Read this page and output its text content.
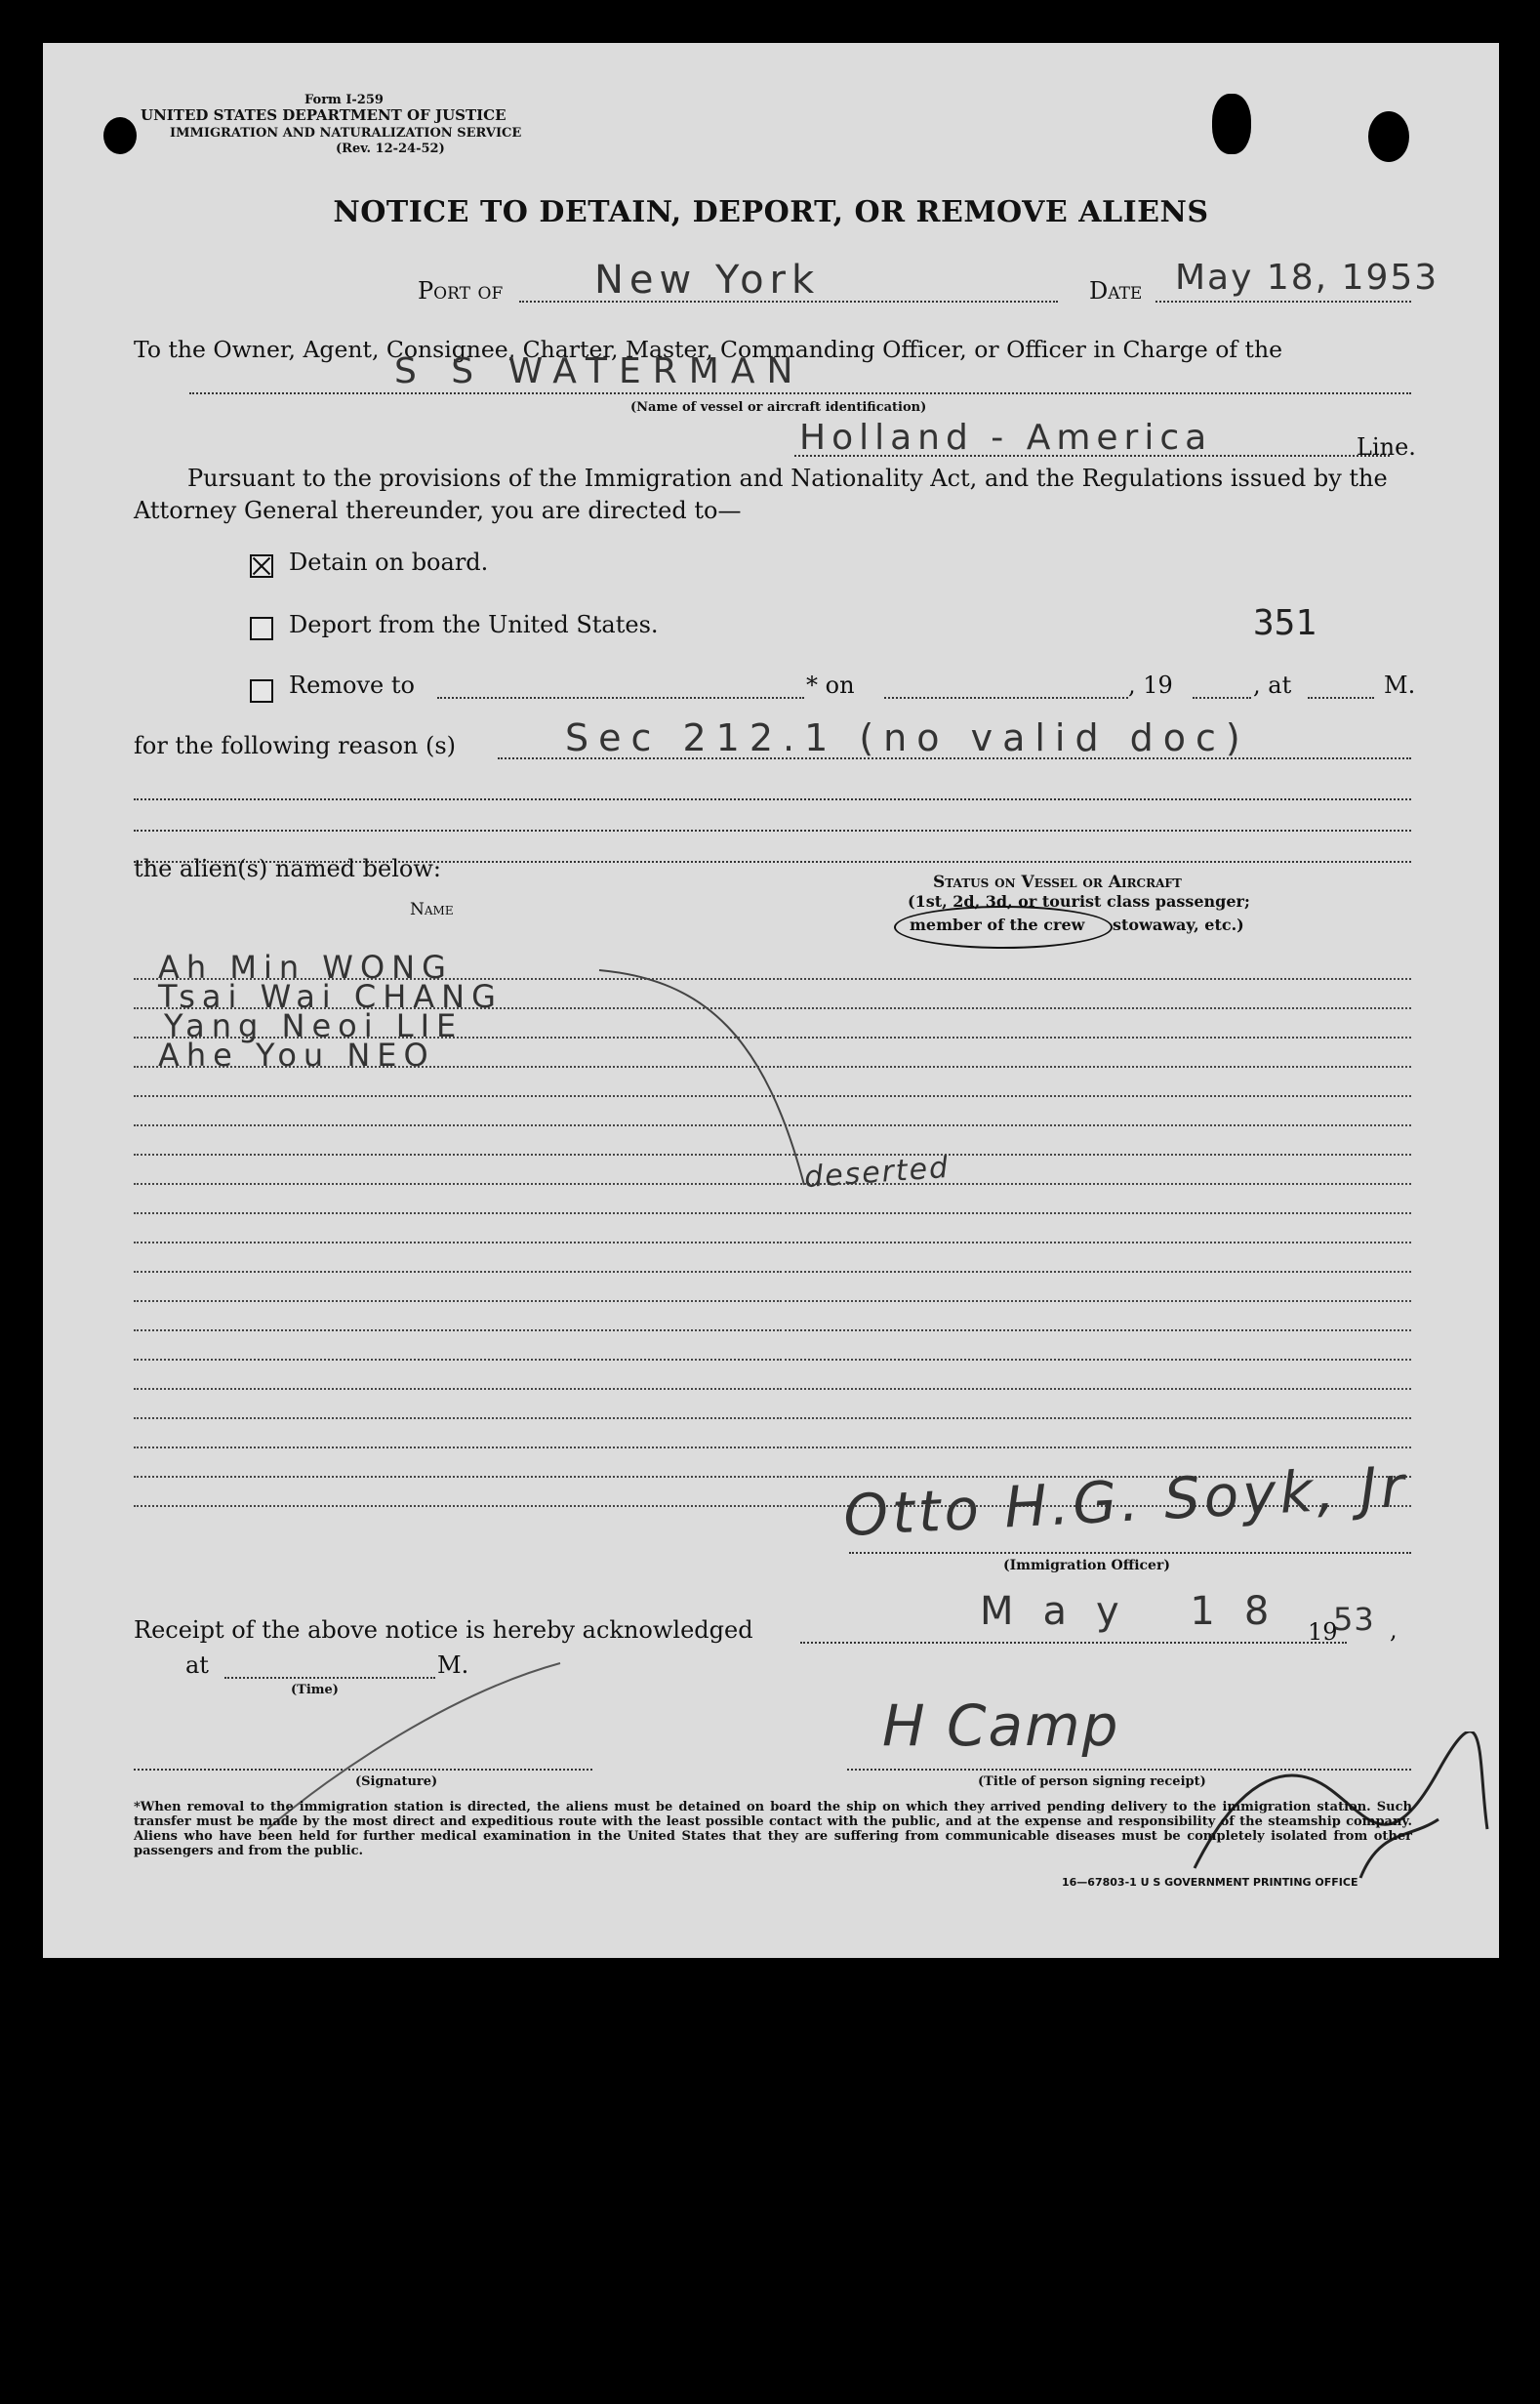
Form I-259
UNITED STATES DEPARTMENT OF JUSTICE
IMMIGRATION AND NATURALIZATION SERVICE
(Rev. 12-24-52)
NOTICE TO DETAIN, DEPORT, OR REMOVE ALIENS
Port of New York	Date May 18, 1953
To the Owner, Agent, Consignee, Charter, Master, Commanding Officer, or Officer in Charge of the
S S WATERMAN
(Name of vessel or aircraft identification)
Holland - America	Line.
Pursuant to the provisions of the Immigration and Nationality Act, and the Regulations issued by the Attorney General thereunder, you are directed to—
Detain on board.
Deport from the United States.	351
Remove to	* on	, 19	, at	M.
for the following reason (s)	Sec 212.1 (no valid doc)
the alien(s) named below:
Name
Status on Vessel or Aircraft
(1st, 2d, 3d, or tourist class passenger;
member of the crew stowaway, etc.)
Ah Min WONG
Tsai Wai CHANG
Yang Neoi LIE
Ahe You NEO
deserted
Otto H.G. Soyk, Jr
(Immigration Officer)
Receipt of the above notice is hereby acknowledged	May 18 19
53 ,
at	M.
(Time)
(Signature)
H Camp
(Title of person signing receipt)
*When removal to the immigration station is directed, the aliens must be detained on board the ship on which they arrived pending delivery to the immigration station. Such transfer must be made by the most direct and expeditious route with the least possible contact with the public, and at the expense and responsibility of the steamship company. Aliens who have been held for further medical examination in the United States that they are suffering from communicable diseases must be completely isolated from other passengers and from the public.
16—67803-1 U S GOVERNMENT PRINTING OFFICE
